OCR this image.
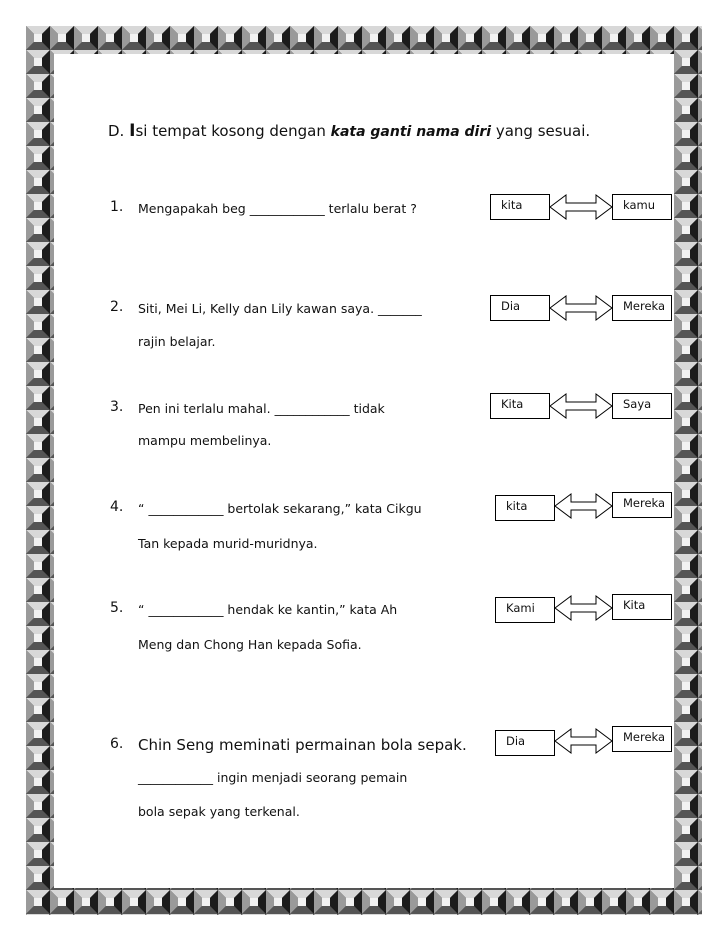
D. Isi tempat kosong dengan kata ganti nama diri yang sesuai.
1. Mengapakah beg ____________ terlalu berat ?	kita	kamu
2. Siti, Mei Li, Kelly dan Lily kawan saya. _______
rajin belajar.
Dia	Mereka
3. Pen ini terlalu mahal. ____________ tidak
mampu membelinya.
Kita	Saya
4. “ ____________ bertolak sekarang,” kata Cikgu
Tan kepada murid-muridnya.
kita	Mereka
5. “ ____________ hendak ke kantin,” kata Ah
Meng dan Chong Han kepada Sofia.
Kami	Kita
6. Chin Seng meminati permainan bola sepak.
____________ ingin menjadi seorang pemain
bola sepak yang terkenal.
Dia	Mereka
